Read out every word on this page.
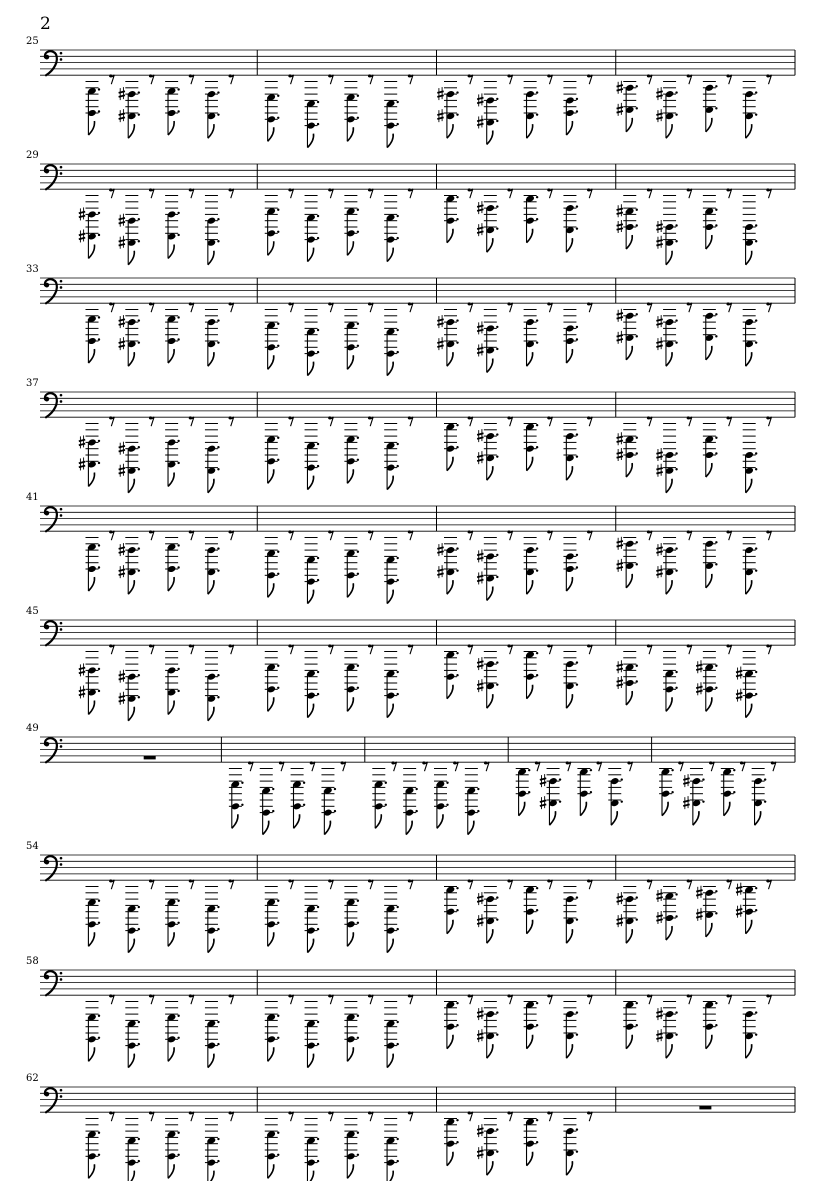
2
25
29
33
37
41
45
49
54
58
62
